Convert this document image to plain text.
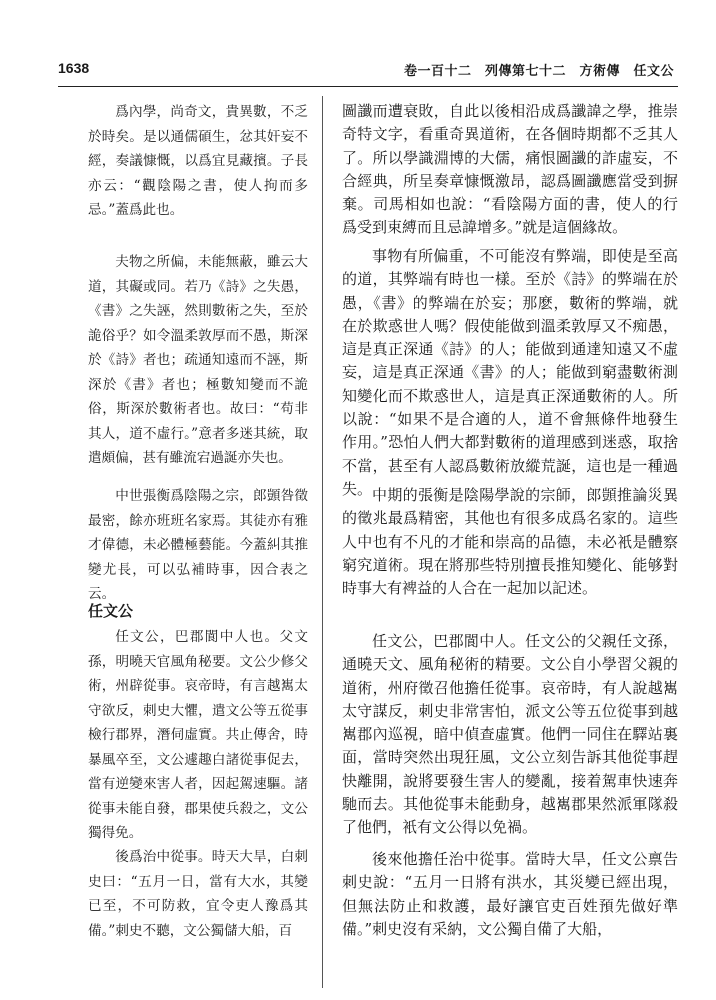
1638	卷一百十二　列傳第七十二　方術傳　任文公

爲內學，尚奇文，貴異數，不乏於時矣。是以通儒碩生，忿其奸妄不經，奏議慷慨，以爲宜見藏擯。子長亦云：“觀陰陽之書，使人拘而多忌。”蓋爲此也。

夫物之所偏，未能無蔽，雖云大道，其礙或同。若乃《詩》之失愚，《書》之失誣，然則數術之失，至於詭俗乎？如令溫柔敦厚而不愚，斯深於《詩》者也；疏通知遠而不誣，斯深於《書》者也；極數知變而不詭俗，斯深於數術者也。故曰：“苟非其人，道不虛行。”意者多迷其統，取遣頗偏，甚有雖流宕過誕亦失也。

中世張衡爲陰陽之宗，郎顗咎徵最密，餘亦班班名家焉。其徒亦有雅才偉德，未必體極藝能。今蓋糾其推變尤長，可以弘補時事，因合表之云。

任文公

任文公，巴郡閬中人也。父文孫，明曉天官風角秘要。文公少修父術，州辟從事。哀帝時，有言越嶲太守欲反，刺史大懼，遣文公等五從事檢行郡界，潛伺虛實。共止傳舍，時暴風卒至，文公遽趣白諸從事促去，當有逆變來害人者，因起駕速驅。諸從事未能自發，郡果使兵殺之，文公獨得免。

後爲治中從事。時天大旱，白刺史曰：“五月一日，當有大水，其變已至，不可防救，宜令吏人豫爲其備。”刺史不聽，文公獨儲大船，百

圖讖而遭衰敗，自此以後相沿成爲讖諱之學，推崇奇特文字，看重奇異道術，在各個時期都不乏其人了。所以學識淵博的大儒，痛恨圖讖的詐虛妄，不合經典，所呈奏章慷慨激昂，認爲圖讖應當受到摒棄。司馬相如也說：“看陰陽方面的書，使人的行爲受到束縛而且忌諱增多。”就是這個緣故。

事物有所偏重，不可能沒有弊端，即使是至高的道，其弊端有時也一樣。至於《詩》的弊端在於愚，《書》的弊端在於妄；那麽，數術的弊端，就在於欺惑世人嗎？假使能做到溫柔敦厚又不痴愚，這是真正深通《詩》的人；能做到通達知遠又不虛妄，這是真正深通《書》的人；能做到窮盡數術測知變化而不欺惑世人，這是真正深通數術的人。所以說：“如果不是合適的人，道不會無條件地發生作用。”恐怕人們大都對數術的道理感到迷惑，取捨不當，甚至有人認爲數術放縱荒誕，這也是一種過失。 中期的張衡是陰陽學說的宗師，郎顗推論災異的徵兆最爲精密，其他也有很多成爲名家的。這些人中也有不凡的才能和崇高的品德，未必衹是體察窮究道術。現在將那些特別擅長推知變化、能够對時事大有裨益的人合在一起加以記述。

任文公，巴郡閬中人。任文公的父親任文孫，通曉天文、風角秘術的精要。文公自小學習父親的道術，州府徵召他擔任從事。哀帝時，有人說越嶲太守謀反，刺史非常害怕，派文公等五位從事到越嶲郡內巡視，暗中偵查虛實。他們一同住在驛站裏面，當時突然出現狂風，文公立刻告訴其他從事趕快離開，說將要發生害人的變亂，接着駕車快速奔馳而去。其他從事未能動身，越嶲郡果然派軍隊殺了他們，衹有文公得以免禍。

後來他擔任治中從事。當時大旱，任文公禀告刺史說：“五月一日將有洪水，其災變已經出現，但無法防止和救護，最好讓官吏百姓預先做好準備。”刺史沒有采納，文公獨自備了大船，
